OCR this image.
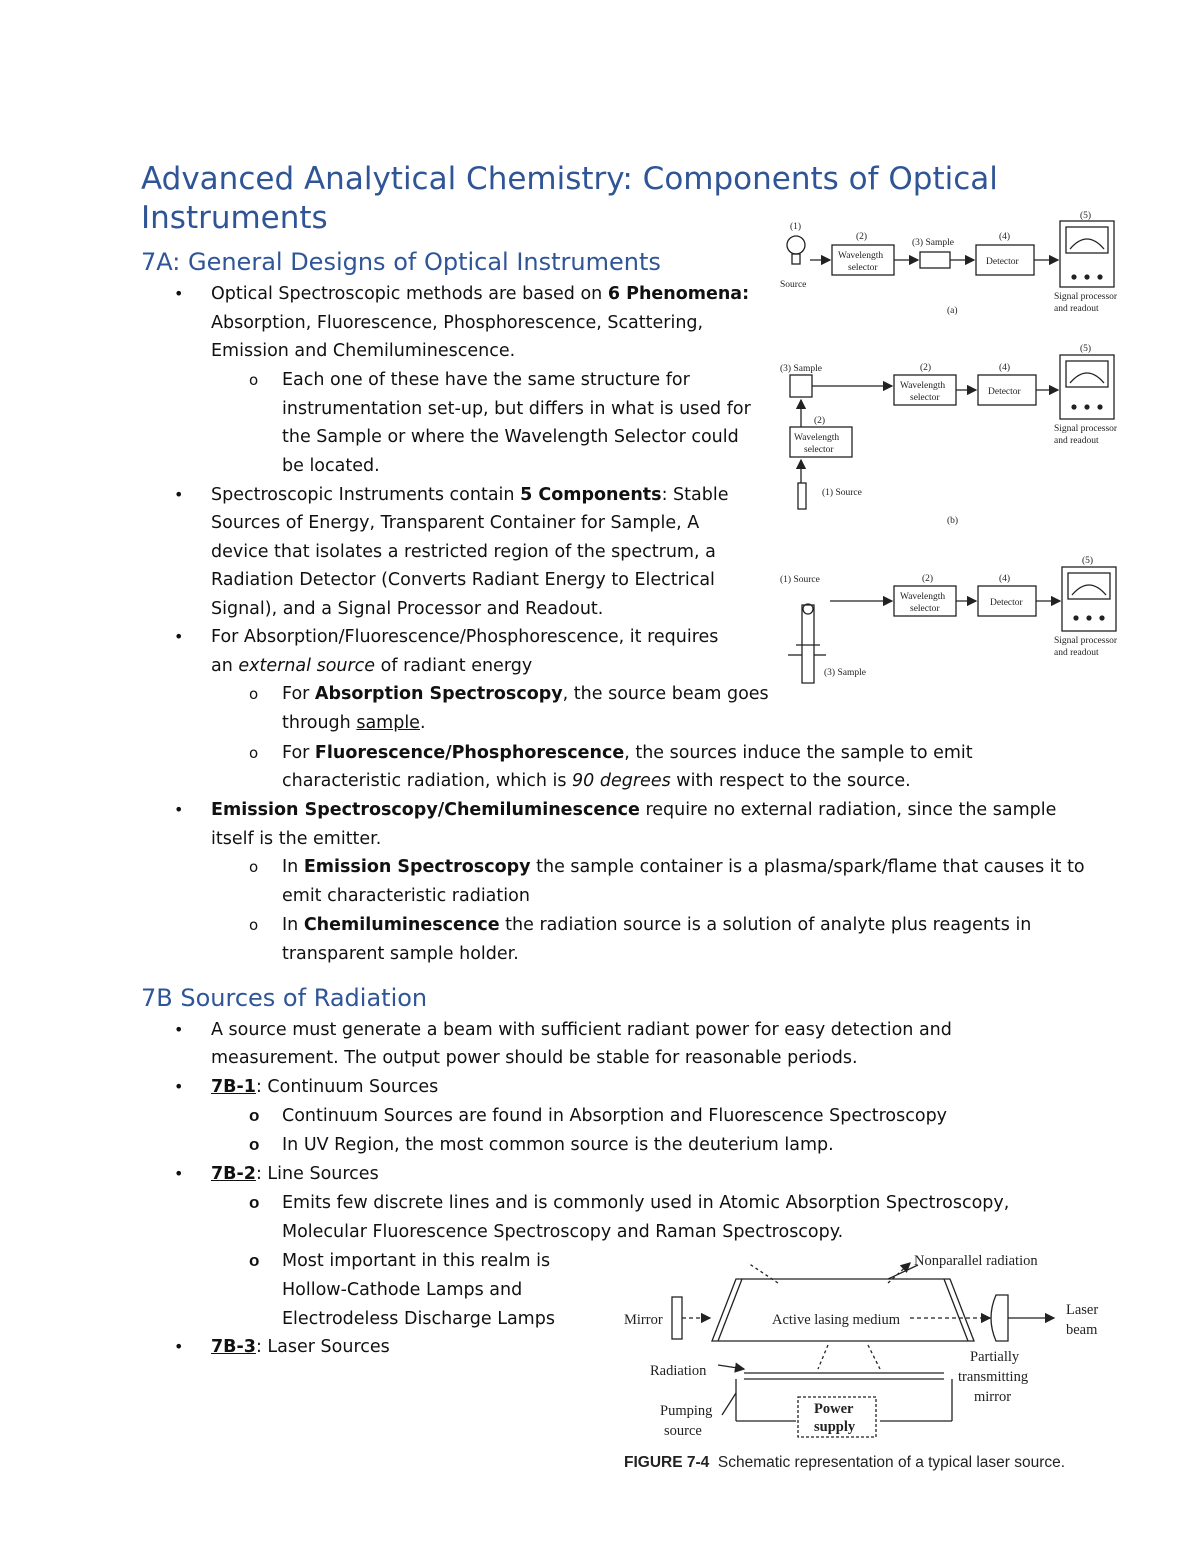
Advanced Analytical Chemistry: Components of Optical Instruments
7A: General Designs of Optical Instruments
• Optical Spectroscopic methods are based on 6 Phenomena:
Absorption, Fluorescence, Phosphorescence, Scattering,
Emission and Chemiluminescence.
o Each one of these have the same structure for
instrumentation set-up, but differs in what is used for
the Sample or where the Wavelength Selector could
be located.
• Spectroscopic Instruments contain 5 Components: Stable
Sources of Energy, Transparent Container for Sample, A
device that isolates a restricted region of the spectrum, a
Radiation Detector (Converts Radiant Energy to Electrical
Signal), and a Signal Processor and Readout.
• For Absorption/Fluorescence/Phosphorescence, it requires
an external source of radiant energy
o For Absorption Spectroscopy, the source beam goes
through sample.
o For Fluorescence/Phosphorescence, the sources induce the sample to emit
characteristic radiation, which is 90 degrees with respect to the source.
• Emission Spectroscopy/Chemiluminescence require no external radiation, since the sample
itself is the emitter.
o In Emission Spectroscopy the sample container is a plasma/spark/flame that causes it to
emit characteristic radiation
o In Chemiluminescence the radiation source is a solution of analyte plus reagents in
transparent sample holder.
7B Sources of Radiation
• A source must generate a beam with sufficient radiant power for easy detection and
measurement. The output power should be stable for reasonable periods.
• 7B-1: Continuum Sources
o Continuum Sources are found in Absorption and Fluorescence Spectroscopy
o In UV Region, the most common source is the deuterium lamp.
• 7B-2: Line Sources
o Emits few discrete lines and is commonly used in Atomic Absorption Spectroscopy,
Molecular Fluorescence Spectroscopy and Raman Spectroscopy.
o Most important in this realm is
Hollow-Cathode Lamps and
Electrodeless Discharge Lamps
• 7B-3: Laser Sources
(1)
Source
(2)
Wavelength
selector
(3) Sample
(4)
Detector
(5)
Signal processor
and readout
(a)
(3) Sample	(2)
Wavelength
selector
(4)
Detector
(5)
Signal processor
and readout
(2)
Wavelength
selector
(1) Source
(b)
(1) Source	(2)
Wavelength
selector
(4)
Detector
(5)
Signal processor
and readout
(3) Sample
Nonparallel radiation
Mirror	Active lasing medium
Laser
beam
Radiation
Partially
transmitting
mirror
Pumping
source
Power
supply
FIGURE 7-4 Schematic representation of a typical laser source.
